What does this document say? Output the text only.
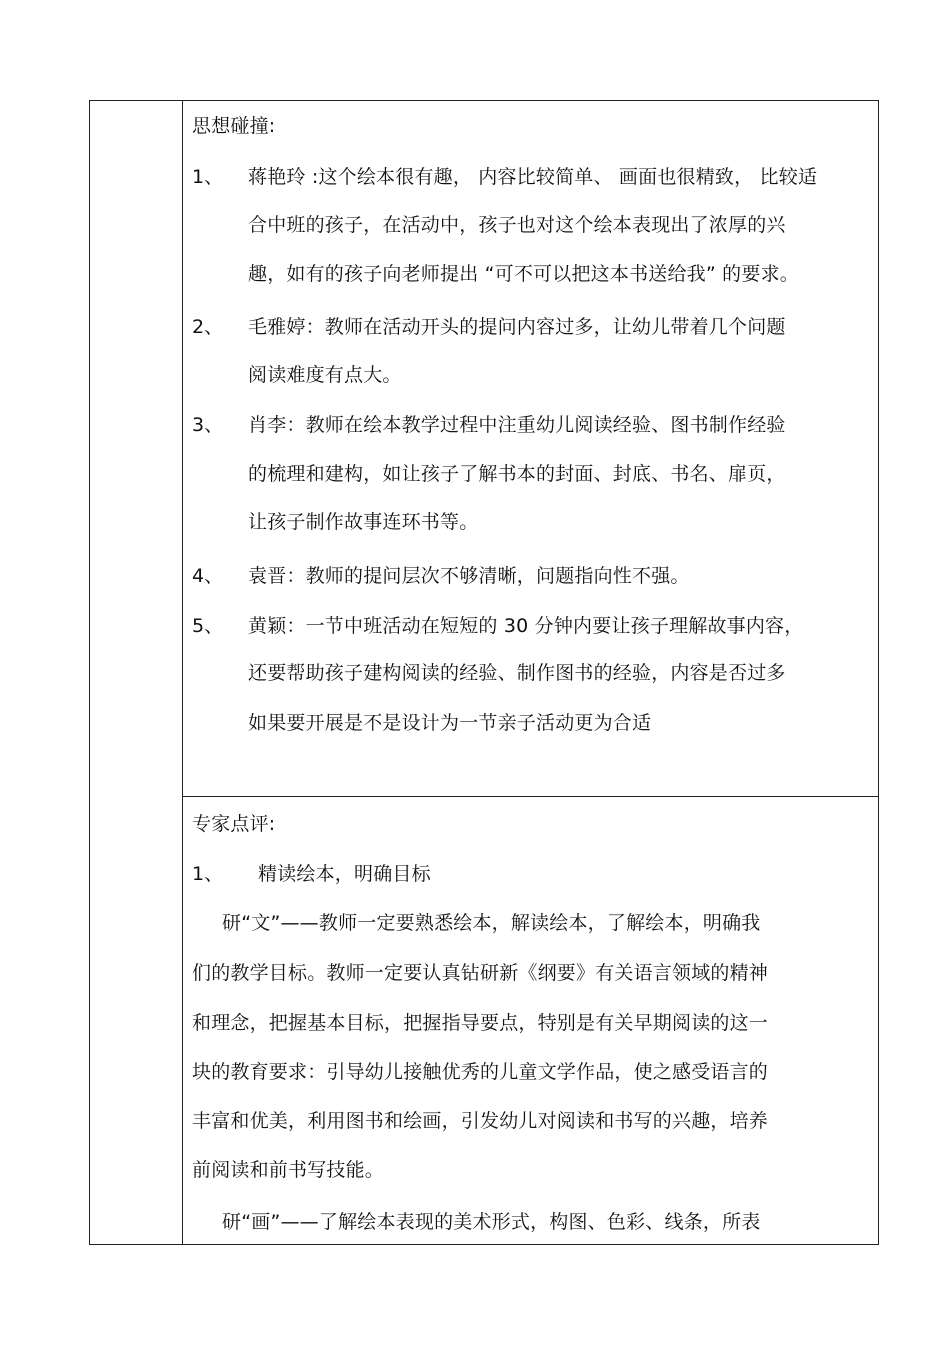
思想碰撞:
1、 蒋艳玲 :这个绘本很有趣， 内容比较简单、 画面也很精致， 比较适
合中班的孩子，在活动中，孩子也对这个绘本表现出了浓厚的兴
趣，如有的孩子向老师提出 “可不可以把这本书送给我” 的要求。
2、 毛雅婷：教师在活动开头的提问内容过多，让幼儿带着几个问题
阅读难度有点大。
3、 肖李：教师在绘本教学过程中注重幼儿阅读经验、图书制作经验
的梳理和建构，如让孩子了解书本的封面、封底、书名、扉页，
让孩子制作故事连环书等。
4、 袁晋：教师的提问层次不够清晰，问题指向性不强。
5、 黄颖：一节中班活动在短短的 30 分钟内要让孩子理解故事内容，
还要帮助孩子建构阅读的经验、制作图书的经验，内容是否过多
如果要开展是不是设计为一节亲子活动更为合适
专家点评:
1、 精读绘本，明确目标
研“文”——教师一定要熟悉绘本，解读绘本，了解绘本，明确我
们的教学目标。教师一定要认真钻研新《纲要》有关语言领域的精神
和理念，把握基本目标，把握指导要点，特别是有关早期阅读的这一
块的教育要求：引导幼儿接触优秀的儿童文学作品，使之感受语言的
丰富和优美，利用图书和绘画，引发幼儿对阅读和书写的兴趣，培养
前阅读和前书写技能。
研“画”——了解绘本表现的美术形式，构图、色彩、线条，所表
